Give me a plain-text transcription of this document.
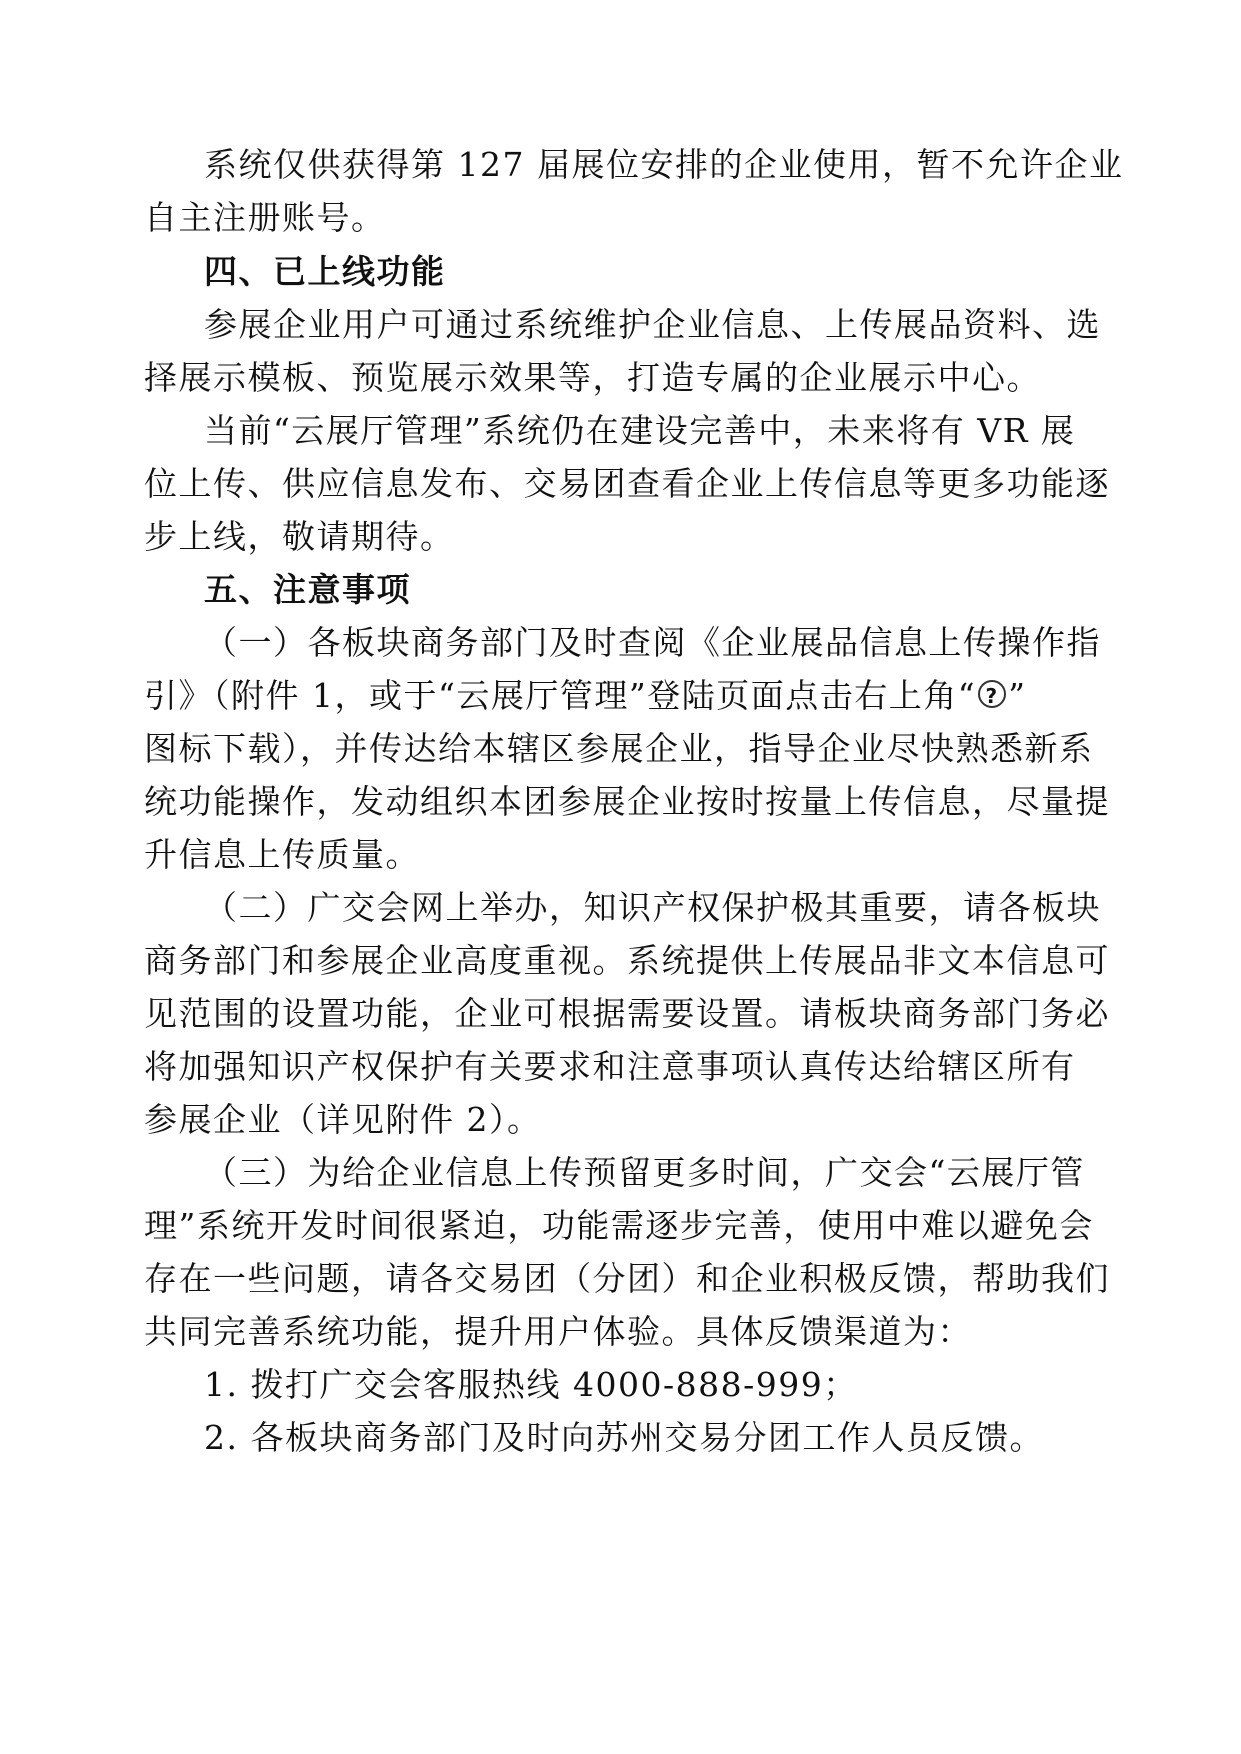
系统仅供获得第 127 届展位安排的企业使用，暂不允许企业

自主注册账号。

四、已上线功能

参展企业用户可通过系统维护企业信息、上传展品资料、选

择展示模板、预览展示效果等，打造专属的企业展示中心。

当前“云展厅管理”系统仍在建设完善中，未来将有 VR 展

位上传、供应信息发布、交易团查看企业上传信息等更多功能逐

步上线，敬请期待。

五、注意事项

（一）各板块商务部门及时查阅《企业展品信息上传操作指

引》（附件 1，或于“云展厅管理”登陆页面点击右上角“ ? ”

图标下载），并传达给本辖区参展企业，指导企业尽快熟悉新系

统功能操作，发动组织本团参展企业按时按量上传信息，尽量提

升信息上传质量。

（二）广交会网上举办，知识产权保护极其重要，请各板块

商务部门和参展企业高度重视。系统提供上传展品非文本信息可

见范围的设置功能，企业可根据需要设置。请板块商务部门务必

将加强知识产权保护有关要求和注意事项认真传达给辖区所有

参展企业（详见附件 2）。

（三）为给企业信息上传预留更多时间，广交会“云展厅管

理”系统开发时间很紧迫，功能需逐步完善，使用中难以避免会

存在一些问题，请各交易团（分团）和企业积极反馈，帮助我们

共同完善系统功能，提升用户体验。具体反馈渠道为：

1. 拨打广交会客服热线 4000-888-999；

2. 各板块商务部门及时向苏州交易分团工作人员反馈。
